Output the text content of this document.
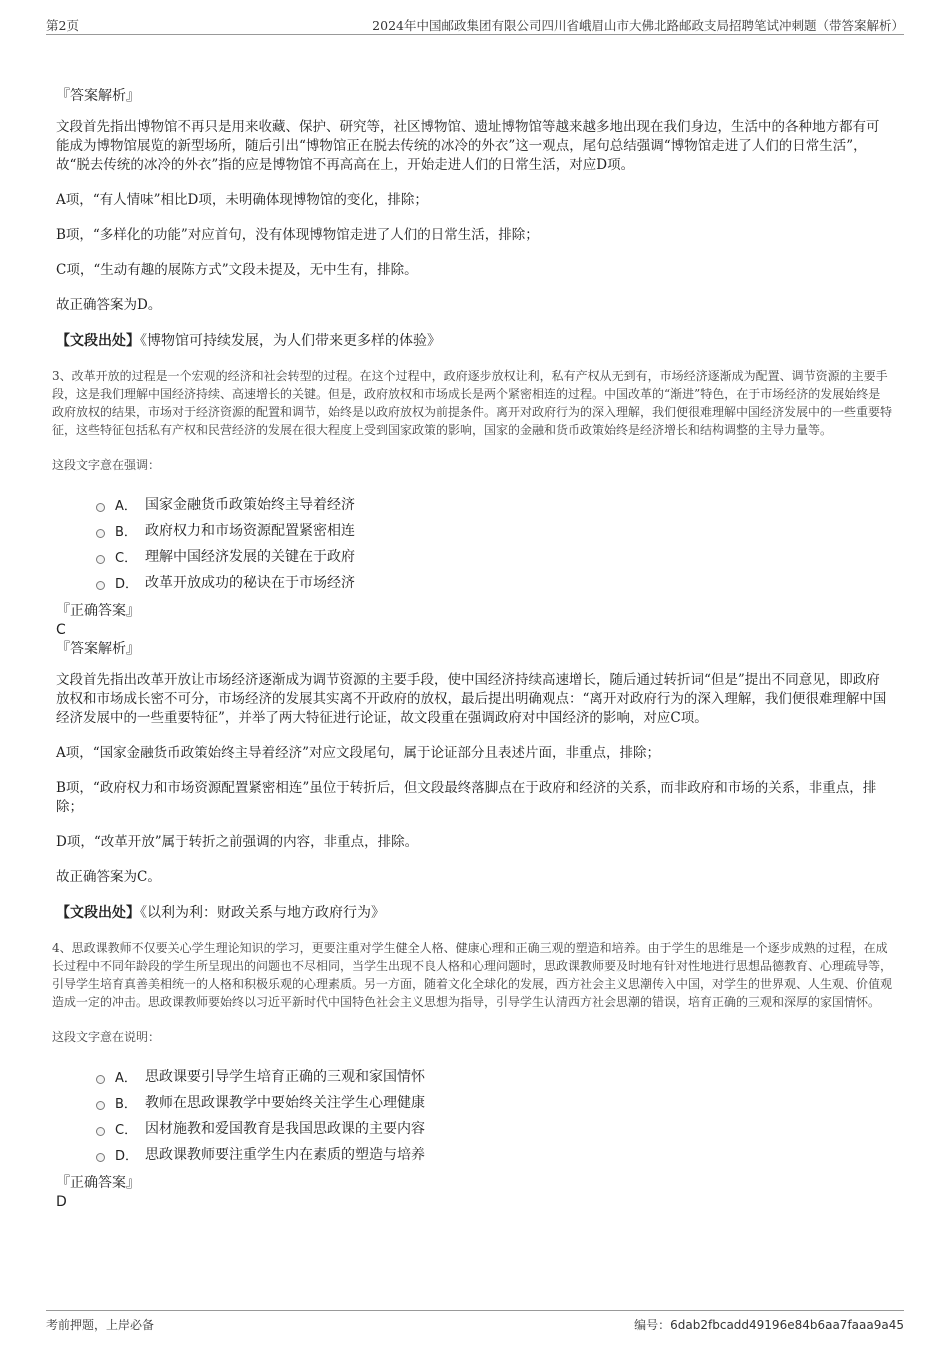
第2页	2024年中国邮政集团有限公司四川省峨眉山市大佛北路邮政支局招聘笔试冲刺题（带答案解析）

『答案解析』

文段首先指出博物馆不再只是用来收藏、保护、研究等，社区博物馆、遗址博物馆等越来越多地出现在我们身边，生活中的各种地方都有可能成为博物馆展览的新型场所，随后引出“博物馆正在脱去传统的冰冷的外衣”这一观点，尾句总结强调“博物馆走进了人们的日常生活”，故“脱去传统的冰冷的外衣”指的应是博物馆不再高高在上，开始走进人们的日常生活，对应D项。

A项，“有人情味”相比D项，未明确体现博物馆的变化，排除；

B项，“多样化的功能”对应首句，没有体现博物馆走进了人们的日常生活，排除；

C项，“生动有趣的展陈方式”文段未提及，无中生有，排除。

故正确答案为D。

【文段出处】《博物馆可持续发展，为人们带来更多样的体验》

3、改革开放的过程是一个宏观的经济和社会转型的过程。在这个过程中，政府逐步放权让利，私有产权从无到有，市场经济逐渐成为配置、调节资源的主要手段，这是我们理解中国经济持续、高速增长的关键。但是，政府放权和市场成长是两个紧密相连的过程。中国改革的“渐进”特色，在于市场经济的发展始终是政府放权的结果，市场对于经济资源的配置和调节，始终是以政府放权为前提条件。离开对政府行为的深入理解，我们便很难理解中国经济发展中的一些重要特征，这些特征包括私有产权和民营经济的发展在很大程度上受到国家政策的影响，国家的金融和货币政策始终是经济增长和结构调整的主导力量等。

这段文字意在强调：

A． 国家金融货币政策始终主导着经济
B． 政府权力和市场资源配置紧密相连
C． 理解中国经济发展的关键在于政府
D． 改革开放成功的秘诀在于市场经济

『正确答案』

C

『答案解析』

文段首先指出改革开放让市场经济逐渐成为调节资源的主要手段，使中国经济持续高速增长，随后通过转折词“但是”提出不同意见，即政府放权和市场成长密不可分，市场经济的发展其实离不开政府的放权，最后提出明确观点：“离开对政府行为的深入理解，我们便很难理解中国经济发展中的一些重要特征”，并举了两大特征进行论证，故文段重在强调政府对中国经济的影响，对应C项。

A项，“国家金融货币政策始终主导着经济”对应文段尾句，属于论证部分且表述片面，非重点，排除；

B项，“政府权力和市场资源配置紧密相连”虽位于转折后，但文段最终落脚点在于政府和经济的关系，而非政府和市场的关系，非重点，排除；

D项，“改革开放”属于转折之前强调的内容，非重点，排除。

故正确答案为C。

【文段出处】《以利为利：财政关系与地方政府行为》

4、思政课教师不仅要关心学生理论知识的学习，更要注重对学生健全人格、健康心理和正确三观的塑造和培养。由于学生的思维是一个逐步成熟的过程，在成长过程中不同年龄段的学生所呈现出的问题也不尽相同，当学生出现不良人格和心理问题时，思政课教师要及时地有针对性地进行思想品德教育、心理疏导等，引导学生培育真善美相统一的人格和积极乐观的心理素质。另一方面，随着文化全球化的发展，西方社会主义思潮传入中国，对学生的世界观、人生观、价值观造成一定的冲击。思政课教师要始终以习近平新时代中国特色社会主义思想为指导，引导学生认清西方社会思潮的错误，培育正确的三观和深厚的家国情怀。

这段文字意在说明：

A． 思政课要引导学生培育正确的三观和家国情怀
B． 教师在思政课教学中要始终关注学生心理健康
C． 因材施教和爱国教育是我国思政课的主要内容
D． 思政课教师要注重学生内在素质的塑造与培养

『正确答案』

D

考前押题，上岸必备	编号：6dab2fbcadd49196e84b6aa7faaa9a45
